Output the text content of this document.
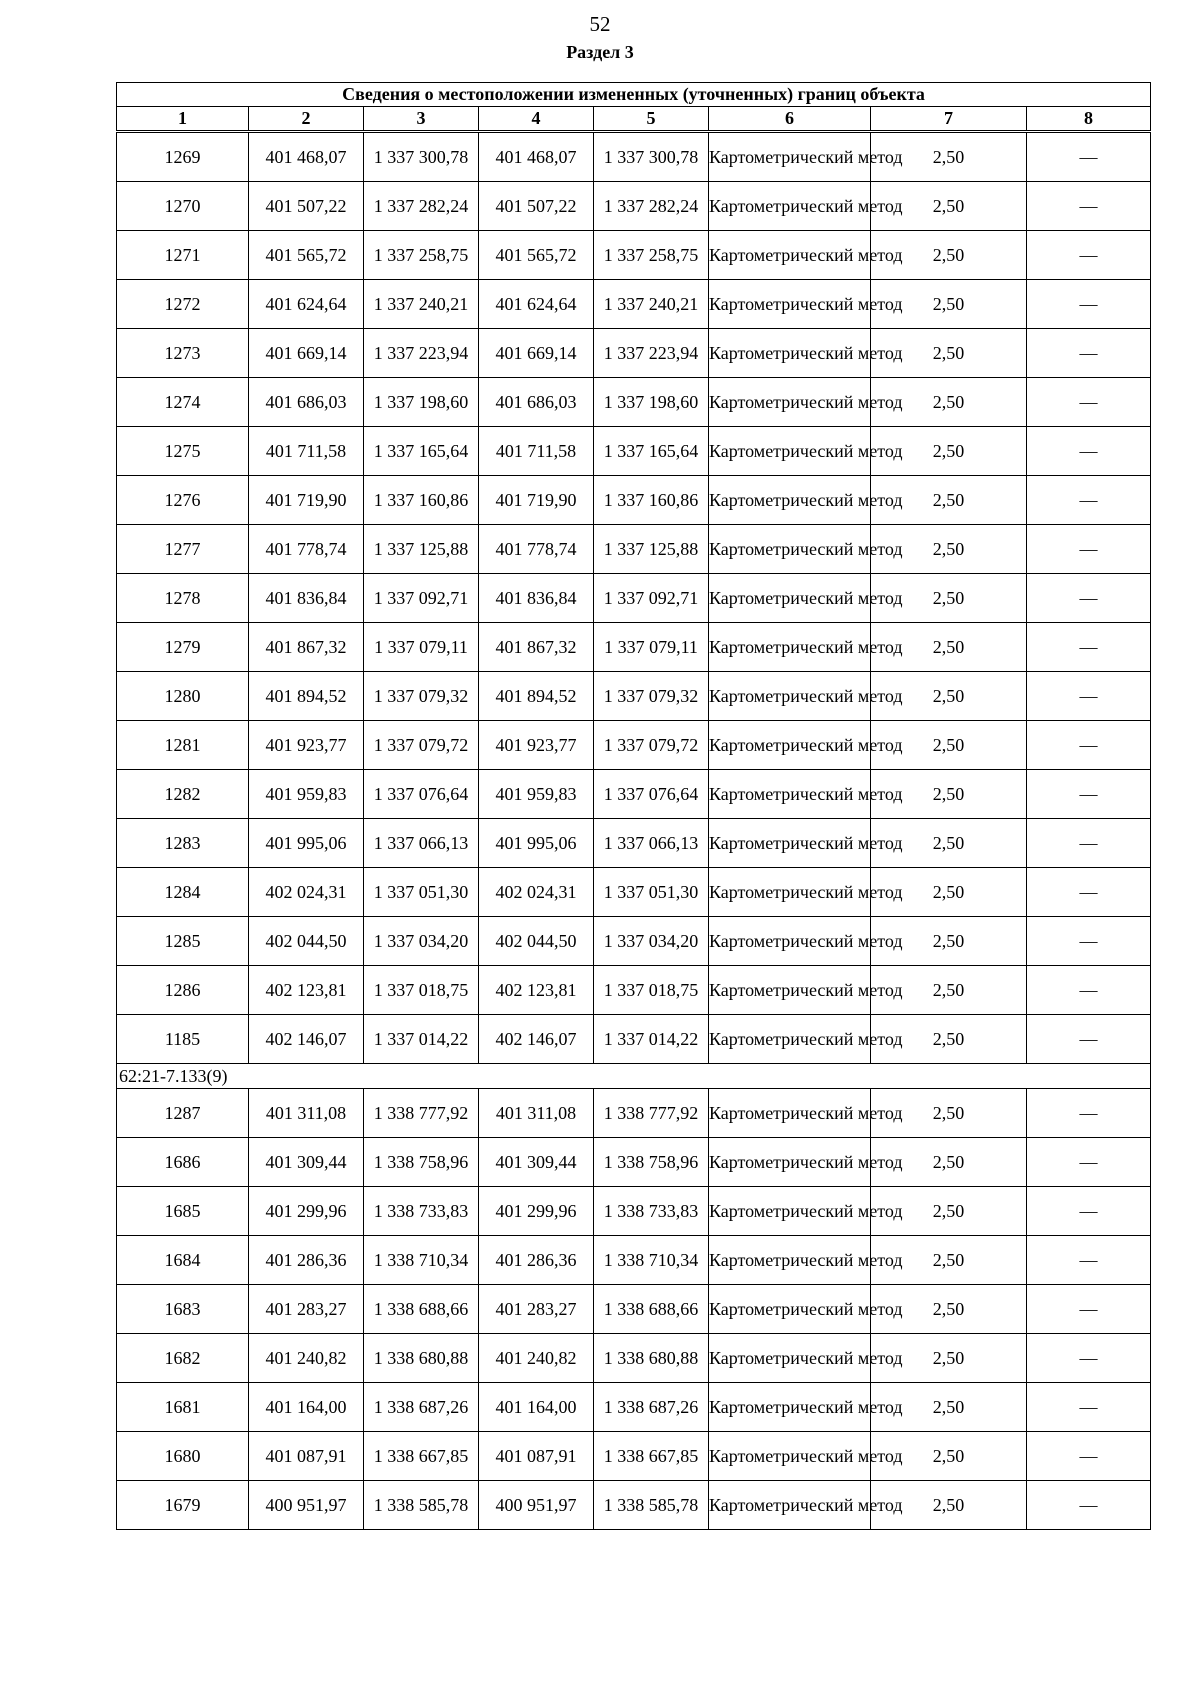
52
Раздел 3
Сведения о местоположении измененных (уточненных) границ объекта							
1	2	3	4	5	6	7	8
1269	401 468,07	1 337 300,78	401 468,07	1 337 300,78	Картометрический метод	2,50	—
1270	401 507,22	1 337 282,24	401 507,22	1 337 282,24	Картометрический метод	2,50	—
1271	401 565,72	1 337 258,75	401 565,72	1 337 258,75	Картометрический метод	2,50	—
1272	401 624,64	1 337 240,21	401 624,64	1 337 240,21	Картометрический метод	2,50	—
1273	401 669,14	1 337 223,94	401 669,14	1 337 223,94	Картометрический метод	2,50	—
1274	401 686,03	1 337 198,60	401 686,03	1 337 198,60	Картометрический метод	2,50	—
1275	401 711,58	1 337 165,64	401 711,58	1 337 165,64	Картометрический метод	2,50	—
1276	401 719,90	1 337 160,86	401 719,90	1 337 160,86	Картометрический метод	2,50	—
1277	401 778,74	1 337 125,88	401 778,74	1 337 125,88	Картометрический метод	2,50	—
1278	401 836,84	1 337 092,71	401 836,84	1 337 092,71	Картометрический метод	2,50	—
1279	401 867,32	1 337 079,11	401 867,32	1 337 079,11	Картометрический метод	2,50	—
1280	401 894,52	1 337 079,32	401 894,52	1 337 079,32	Картометрический метод	2,50	—
1281	401 923,77	1 337 079,72	401 923,77	1 337 079,72	Картометрический метод	2,50	—
1282	401 959,83	1 337 076,64	401 959,83	1 337 076,64	Картометрический метод	2,50	—
1283	401 995,06	1 337 066,13	401 995,06	1 337 066,13	Картометрический метод	2,50	—
1284	402 024,31	1 337 051,30	402 024,31	1 337 051,30	Картометрический метод	2,50	—
1285	402 044,50	1 337 034,20	402 044,50	1 337 034,20	Картометрический метод	2,50	—
1286	402 123,81	1 337 018,75	402 123,81	1 337 018,75	Картометрический метод	2,50	—
1185	402 146,07	1 337 014,22	402 146,07	1 337 014,22	Картометрический метод	2,50	—
62:21-7.133(9)							
1287	401 311,08	1 338 777,92	401 311,08	1 338 777,92	Картометрический метод	2,50	—
1686	401 309,44	1 338 758,96	401 309,44	1 338 758,96	Картометрический метод	2,50	—
1685	401 299,96	1 338 733,83	401 299,96	1 338 733,83	Картометрический метод	2,50	—
1684	401 286,36	1 338 710,34	401 286,36	1 338 710,34	Картометрический метод	2,50	—
1683	401 283,27	1 338 688,66	401 283,27	1 338 688,66	Картометрический метод	2,50	—
1682	401 240,82	1 338 680,88	401 240,82	1 338 680,88	Картометрический метод	2,50	—
1681	401 164,00	1 338 687,26	401 164,00	1 338 687,26	Картометрический метод	2,50	—
1680	401 087,91	1 338 667,85	401 087,91	1 338 667,85	Картометрический метод	2,50	—
1679	400 951,97	1 338 585,78	400 951,97	1 338 585,78	Картометрический метод	2,50	—
